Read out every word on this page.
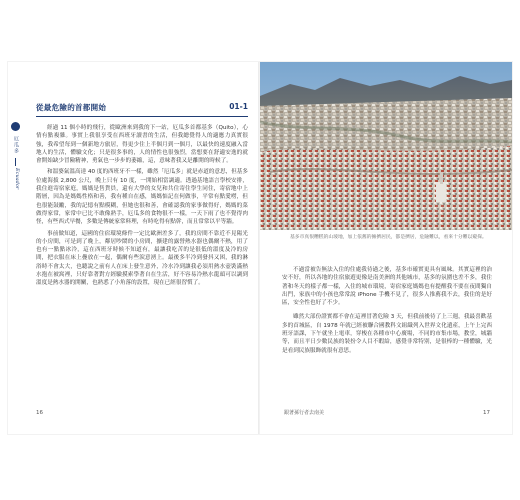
從最危險的首都開始	01-1
厄瓜多
Ecuador

經過 11 個小時的飛行，從歐洲來到我的下一站，厄瓜多首都基多（Quito），心情有點複雜。事實上我很享受在西班牙讀書的生活，但我總覺得人的適應力真實很強，我希望每到一個新地方旅居，得更少住上半個月到一個月，以最快的速度融入當地人的生活，體驗文化；只是很多事的，人的情性也很強烈，當想要在舒適安逸的就會開始缺少冒險精神，勇氣也一步步的萎縮，這，意味著我又是離開的時候了。

和溫婆氣溫高達 40 度的西班牙不一樣，雖然「厄瓜多」就是赤道的意思，但基多位處海拔 2,800 公尺，晚上只有 10 度，一開始相當調適。透過基地語言學校安排，我住進寄宿家庭，媽媽是售貨員，還有大學的女兒和共住寄住學生同住，寄宿地中上階層，因為是媽媽性格和善，我有種自在感，媽媽惦記在何做事，平常有點愛嘮，但也很能鼓勵，我的記憶有點模糊，但她也很和善，會確認我的家事做得好，媽媽的菜做得家常，家常中已比不敢像熟手，厄瓜多的食物很不一樣，一天下雨了也不覺得肉怪，有些西式早餐，多數是傳統家常料理，有時吃得有點幹，而且常常以平等牆。

事前做知道，這國的住宿環境條件一定比歐洲差多了，我的房間不靠近不見陽光的小房間，可是到了晚上，鄰居吵鬧的小房間，擴建的露營熱水器也偶爾不熱，用了也有一點點冰冷，這在西班牙時候不知道有，最讓我吃苦的是很低的溫度及冷的房間，把衣服在床上疊放在一起，偶爾有些淚意湧上。最後多半冷到發抖又困，我的淋浴時不會太大，也聽說之前有人在床上發生意外，冷水冷到讓我必須用熱水壺裝滿熱水抱在被窩裡，只好靠著對方經驗摸索學著自在生活，好不容易冷熱水龍頭可以調到溫度是熱水器的開關，也熟悉了小角落的設置，現在已經很習慣了。

16
基多市真很糟糕的山坡地，加上依舊的擁擠居民，都是擠居，危險難以，看來十分難以窺探。

不過當被告無法入住的住處我待過之後，基多市確實更具有風味。其實這裡的治安不好，所以各地的住宿旅遊更像是南美洲的其他城市，基多的氛圍也差不多，我住著和冬天的樣子都一樣，入住的城市環境，寄宿家庭媽媽也有提醒我不要在夜間獨自出門，家族中的小孩也常常說 iPhone 手機不見了，很多人推薦我不去，我住的是好區，安全性也好了不少。

雖然大部份證實都不會在這裡冒著危險 3 天，但我前後待了上三週，我最喜歡基多的首城區，自 1978 年就已經被聯合國教科文組織列入世界文化遺產，上午上完西班牙語課，下午就坐上電車，穿梭在各種市中心廣場，不同的市集市場，教堂，城牆等，而且平日少數民族的裝扮令人目不暇給，感覺非常特別，是很棒的一種體驗，光是看到民族服飾就很有意思。

跟著孫行者去南美	17
